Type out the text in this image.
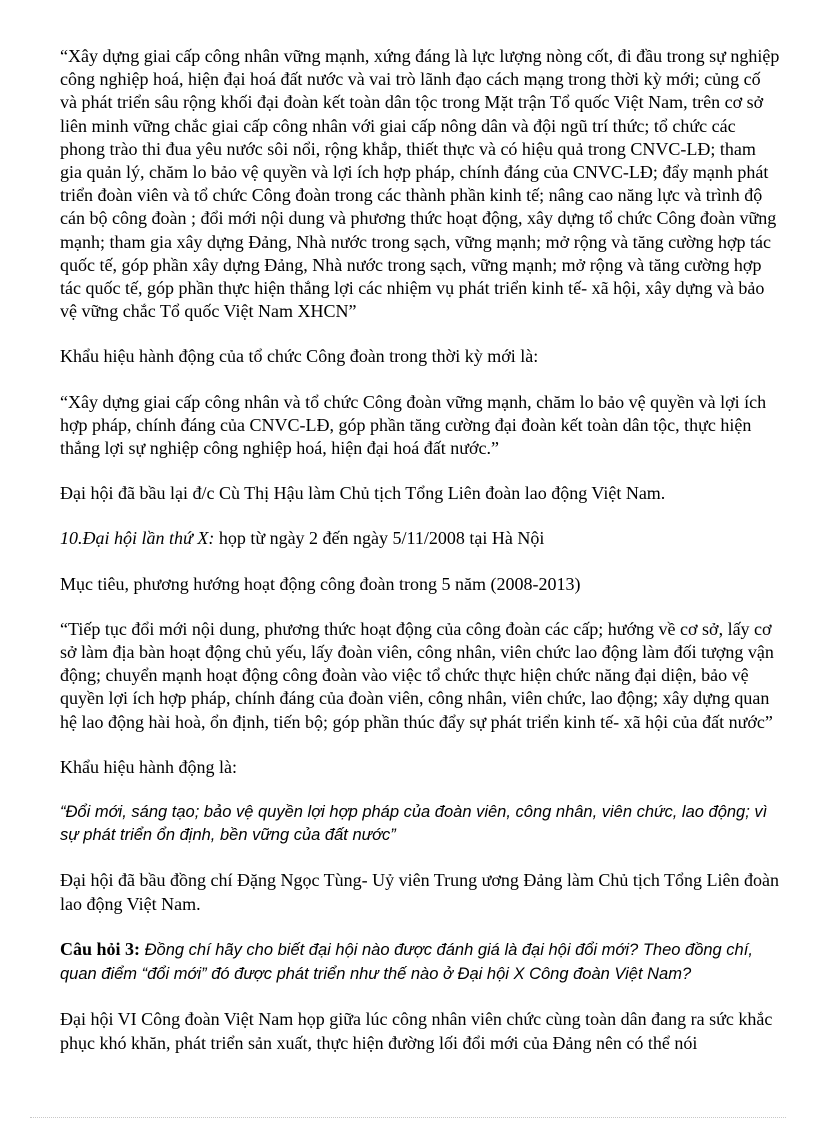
“Xây dựng giai cấp công nhân vững mạnh, xứng đáng là lực lượng nòng cốt, đi đầu trong sự nghiệp công nghiệp hoá, hiện đại hoá đất nước và vai trò lãnh đạo cách mạng trong thời kỳ mới; củng cố và phát triển sâu rộng khối đại đoàn kết toàn dân tộc trong Mặt trận Tổ quốc Việt Nam, trên cơ sở liên minh vững chắc giai cấp công nhân với giai cấp nông dân và đội ngũ trí thức; tổ chức các phong trào thi đua yêu nước sôi nổi, rộng khắp, thiết thực và có hiệu quả trong CNVC-LĐ; tham gia quản lý, chăm lo bảo vệ quyền và lợi ích hợp pháp, chính đáng của CNVC-LĐ; đẩy mạnh phát triển đoàn viên và tổ chức Công đoàn trong các thành phần kinh tế; nâng cao năng lực và trình độ cán bộ công đoàn ; đổi mới nội dung và phương thức hoạt động, xây dựng tổ chức Công đoàn vững mạnh; tham gia xây dựng Đảng, Nhà nước trong sạch, vững mạnh; mở rộng và tăng cường hợp tác quốc tế, góp phần xây dựng Đảng, Nhà nước trong sạch, vững mạnh; mở rộng và tăng cường hợp tác quốc tế, góp phần thực hiện thắng lợi các nhiệm vụ phát triển kinh tế- xã hội, xây dựng và bảo vệ vững chắc Tổ quốc Việt Nam XHCN”

Khẩu hiệu hành động của tổ chức Công đoàn trong thời kỳ mới là:

“Xây dựng giai cấp công nhân và tổ chức Công đoàn vững mạnh, chăm lo bảo vệ quyền và lợi ích hợp pháp, chính đáng của CNVC-LĐ, góp phần tăng cường đại đoàn kết toàn dân tộc, thực hiện thắng lợi sự nghiệp công nghiệp hoá, hiện đại hoá đất nước.”

Đại hội đã bầu lại đ/c Cù Thị Hậu làm Chủ tịch Tổng Liên đoàn lao động Việt Nam.

10.Đại hội lần thứ X: họp từ ngày 2 đến ngày 5/11/2008 tại Hà Nội

Mục tiêu, phương hướng hoạt động công đoàn trong 5 năm (2008-2013)

“Tiếp tục đổi mới nội dung, phương thức hoạt động của công đoàn các cấp; hướng về cơ sở, lấy cơ sở làm địa bàn hoạt động chủ yếu, lấy đoàn viên, công nhân, viên chức lao động làm đối tượng vận động; chuyển mạnh hoạt động công đoàn vào việc tổ chức thực hiện chức năng đại diện, bảo vệ quyền lợi ích hợp pháp, chính đáng của đoàn viên, công nhân, viên chức, lao động; xây dựng quan hệ lao động hài hoà, ổn định, tiến bộ; góp phần thúc đẩy sự phát triển kinh tế- xã hội của đất nước”

Khẩu hiệu hành động là:

“Đổi mới, sáng tạo; bảo vệ quyền lợi hợp pháp của đoàn viên, công nhân, viên chức, lao động; vì sự phát triển ổn định, bền vững của đất nước”

Đại hội đã bầu đồng chí Đặng Ngọc Tùng- Uỷ viên Trung ương Đảng làm Chủ tịch Tổng Liên đoàn lao động Việt Nam.

Câu hỏi 3: Đồng chí hãy cho biết đại hội nào được đánh giá là đại hội đổi mới? Theo đồng chí, quan điểm “đổi mới” đó được phát triển như thế nào ở Đại hội X Công đoàn Việt Nam?

Đại hội VI Công đoàn Việt Nam họp giữa lúc công nhân viên chức cùng toàn dân đang ra sức khắc phục khó khăn, phát triển sản xuất, thực hiện đường lối đổi mới của Đảng nên có thể nói
